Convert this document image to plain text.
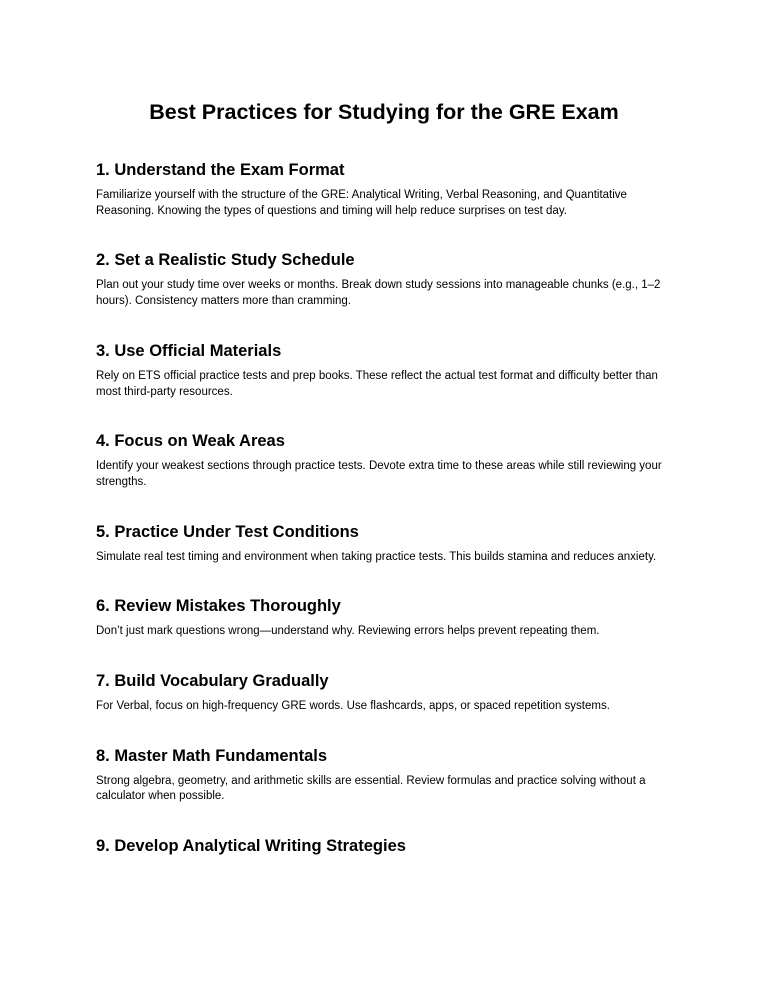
Best Practices for Studying for the GRE Exam
1. Understand the Exam Format

Familiarize yourself with the structure of the GRE: Analytical Writing, Verbal Reasoning, and Quantitative Reasoning. Knowing the types of questions and timing will help reduce surprises on test day.

2. Set a Realistic Study Schedule

Plan out your study time over weeks or months. Break down study sessions into manageable chunks (e.g., 1–2 hours). Consistency matters more than cramming.

3. Use Official Materials

Rely on ETS official practice tests and prep books. These reflect the actual test format and difficulty better than most third-party resources.

4. Focus on Weak Areas

Identify your weakest sections through practice tests. Devote extra time to these areas while still reviewing your strengths.

5. Practice Under Test Conditions

Simulate real test timing and environment when taking practice tests. This builds stamina and reduces anxiety.

6. Review Mistakes Thoroughly

Don’t just mark questions wrong—understand why. Reviewing errors helps prevent repeating them.

7. Build Vocabulary Gradually

For Verbal, focus on high-frequency GRE words. Use flashcards, apps, or spaced repetition systems.

8. Master Math Fundamentals

Strong algebra, geometry, and arithmetic skills are essential. Review formulas and practice solving without a calculator when possible.

9. Develop Analytical Writing Strategies
